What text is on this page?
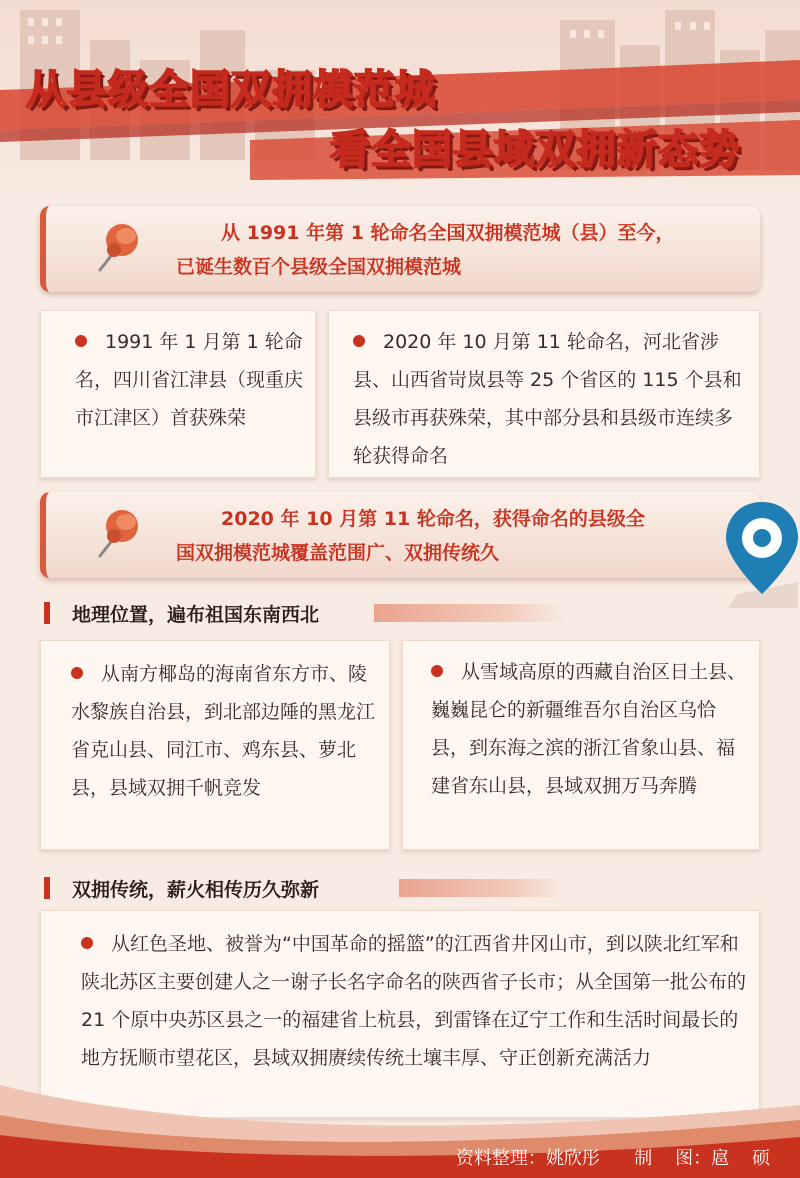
从县级全国双拥模范城
看全国县域双拥新态势
从 1991 年第 1 轮命名全国双拥模范城（县）至今，
已诞生数百个县级全国双拥模范城
1991 年 1 月第 1 轮命名，四川省江津县（现重庆市江津区）首获殊荣
2020 年 10 月第 11 轮命名，河北省涉县、山西省岢岚县等 25 个省区的 115 个县和县级市再获殊荣，其中部分县和县级市连续多轮获得命名
2020 年 10 月第 11 轮命名，获得命名的县级全
国双拥模范城覆盖范围广、双拥传统久
地理位置，遍布祖国东南西北
从南方椰岛的海南省东方市、陵水黎族自治县，到北部边陲的黑龙江省克山县、同江市、鸡东县、萝北县，县域双拥千帆竞发
从雪域高原的西藏自治区日土县、巍巍昆仑的新疆维吾尔自治区乌恰县，到东海之滨的浙江省象山县、福建省东山县，县域双拥万马奔腾
双拥传统，薪火相传历久弥新
从红色圣地、被誉为“中国革命的摇篮”的江西省井冈山市，到以陕北红军和陕北苏区主要创建人之一谢子长名字命名的陕西省子长市；从全国第一批公布的 21 个原中央苏区县之一的福建省上杭县，到雷锋在辽宁工作和生活时间最长的地方抚顺市望花区，县域双拥赓续传统土壤丰厚、守正创新充满活力
资料整理：姚欣彤      制    图：扈    硕
